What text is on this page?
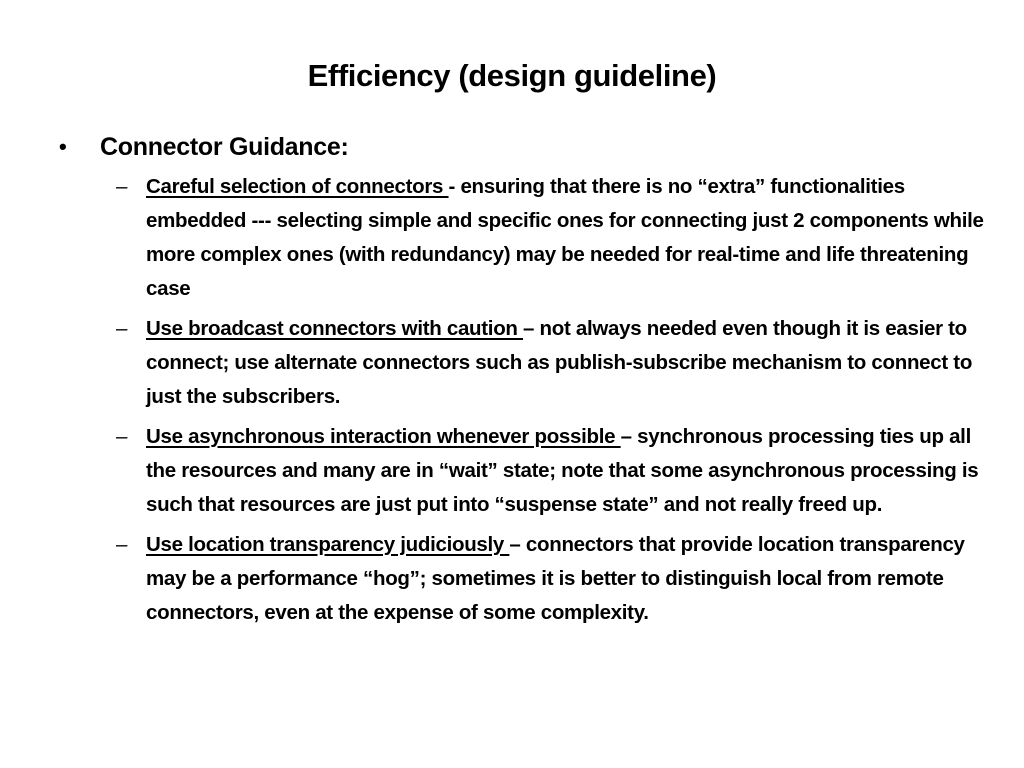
Efficiency (design guideline)
• Connector Guidance:
– Careful selection of connectors - ensuring that there is no “extra” functionalities embedded --- selecting simple and specific ones for connecting just 2 components while more complex ones (with redundancy) may be needed for real-time and life threatening case
– Use broadcast connectors with caution – not always needed even though it is easier to connect; use alternate connectors such as publish-subscribe mechanism to connect to just the subscribers.
– Use asynchronous interaction whenever possible – synchronous processing ties up all the resources and many are in “wait” state; note that some asynchronous processing is such that resources are just put into “suspense state” and not really freed up.
– Use location transparency judiciously – connectors that provide location transparency may be a performance “hog”; sometimes it is better to distinguish local from remote connectors, even at the expense of some complexity.
